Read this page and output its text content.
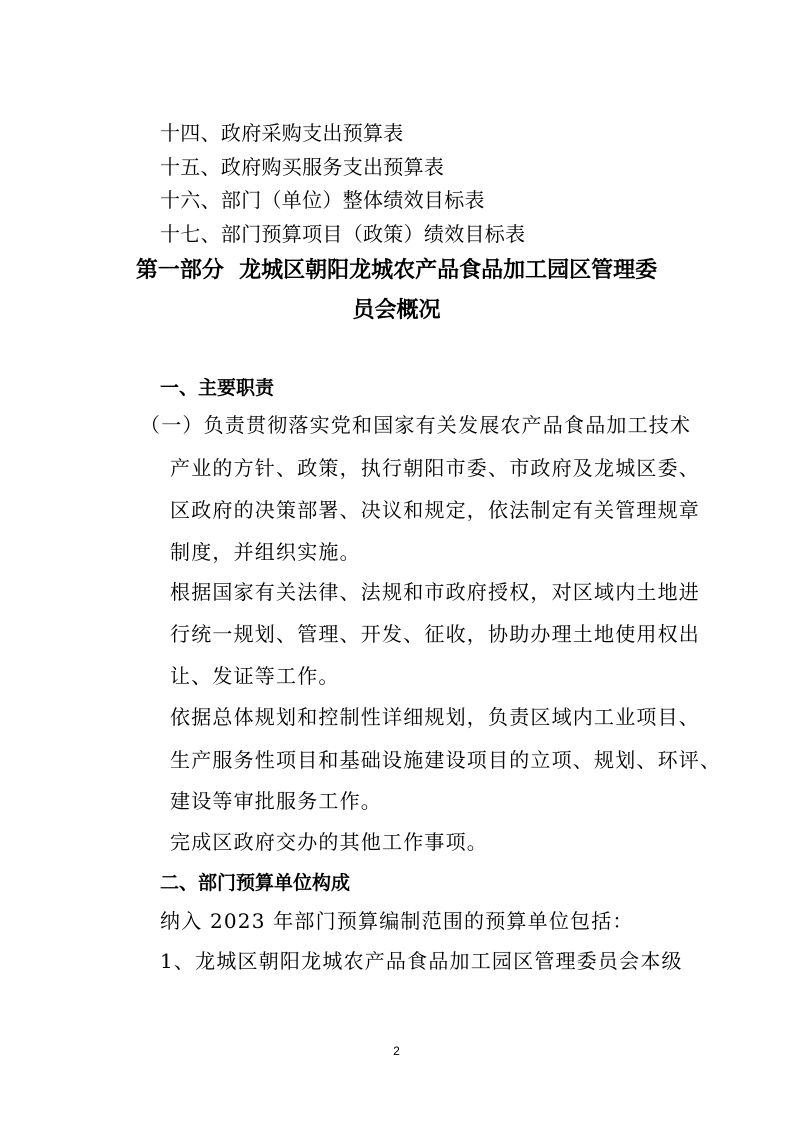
十四、政府采购支出预算表
十五、政府购买服务支出预算表
十六、部门（单位）整体绩效目标表
十七、部门预算项目（政策）绩效目标表
第一部分  龙城区朝阳龙城农产品食品加工园区管理委
员会概况
一、主要职责
（一）负责贯彻落实党和国家有关发展农产品食品加工技术
产业的方针、政策，执行朝阳市委、市政府及龙城区委、
区政府的决策部署、决议和规定，依法制定有关管理规章
制度，并组织实施。
根据国家有关法律、法规和市政府授权，对区域内土地进
行统一规划、管理、开发、征收，协助办理土地使用权出
让、发证等工作。
依据总体规划和控制性详细规划，负责区域内工业项目、
生产服务性项目和基础设施建设项目的立项、规划、环评、
建设等审批服务工作。
完成区政府交办的其他工作事项。
二、部门预算单位构成
纳入 2023 年部门预算编制范围的预算单位包括：
1、龙城区朝阳龙城农产品食品加工园区管理委员会本级
2
